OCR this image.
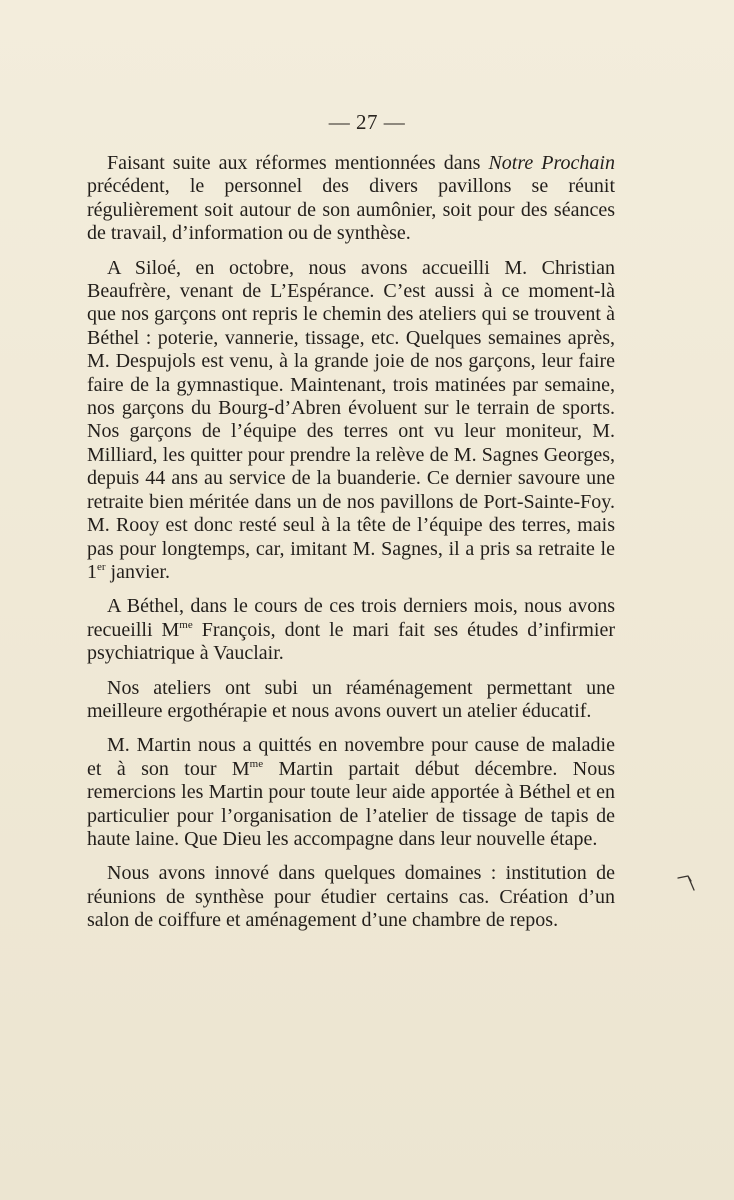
— 27 —

Faisant suite aux réformes mentionnées dans Notre Prochain précédent, le personnel des divers pavillons se réunit régulièrement soit autour de son aumônier, soit pour des séances de travail, d’information ou de synthèse.

A Siloé, en octobre, nous avons accueilli M. Christian Beaufrère, venant de L’Espérance. C’est aussi à ce moment-là que nos garçons ont repris le chemin des ateliers qui se trouvent à Béthel : poterie, vannerie, tissage, etc. Quelques semaines après, M. Despujols est venu, à la grande joie de nos garçons, leur faire faire de la gymnastique. Maintenant, trois matinées par semaine, nos garçons du Bourg-d’Abren évoluent sur le terrain de sports. Nos garçons de l’équipe des terres ont vu leur moniteur, M. Milliard, les quitter pour prendre la relève de M. Sagnes Georges, depuis 44 ans au service de la buanderie. Ce dernier savoure une retraite bien méritée dans un de nos pavillons de Port-Sainte-Foy. M. Rooy est donc resté seul à la tête de l’équipe des terres, mais pas pour longtemps, car, imitant M. Sagnes, il a pris sa retraite le 1er janvier.

A Béthel, dans le cours de ces trois derniers mois, nous avons recueilli $M^{me}$ François, dont le mari fait ses études d’infirmier psychiatrique à Vauclair.

Nos ateliers ont subi un réaménagement permettant une meilleure ergothérapie et nous avons ouvert un atelier éducatif.

M. Martin nous a quittés en novembre pour cause de maladie et à son tour $M^{me}$ Martin partait début décembre. Nous remercions les Martin pour toute leur aide apportée à Béthel et en particulier pour l’organisation de l’atelier de tissage de tapis de haute laine. Que Dieu les accompagne dans leur nouvelle étape.

Nous avons innové dans quelques domaines : institution de réunions de synthèse pour étudier certains cas. Création d’un salon de coiffure et aménagement d’une chambre de repos.
